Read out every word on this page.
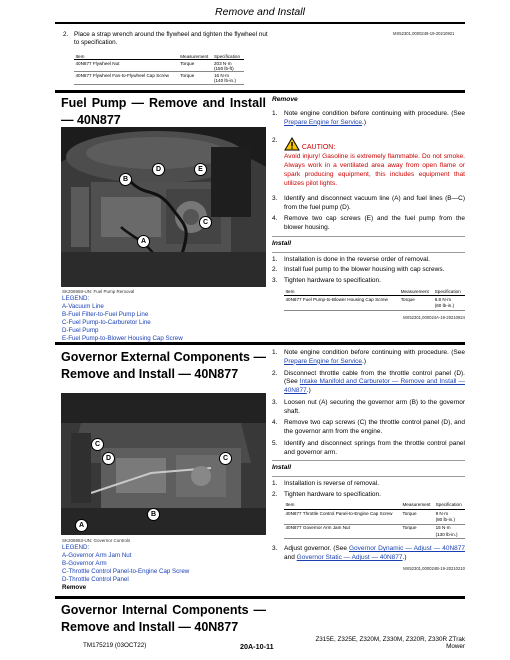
Remove and Install
2. Place a strap wrench around the flywheel and tighten the flywheel nut to specification.
MX52301,0000249-19-20210921
Item	Measurement	Specification
40N877 Flywheel Nut	Torque	203 N·m
(150 lb-ft)
40N877 Flywheel Fan-to-Flywheel Cap Screw	Torque	16 N·m
(140 lb-in.)
Fuel Pump — Remove and Install — 40N877
D	E
B
C
A
SK206958-UN: Fuel Pump Removal
LEGEND:
A-Vacuum Line
B-Fuel Filter-to-Fuel Pump Line
C-Fuel Pump-to-Carburetor Line
D-Fuel Pump
E-Fuel Pump-to-Blower Housing Cap Screw
Remove
1. Note engine condition before continuing with procedure. (See Prepare Engine for Service.)
2.
CAUTION:
Avoid injury! Gasoline is extremely flammable. Do not smoke. Always work in a ventilated area away from open flame or spark producing equipment, this includes equipment that utilizes pilot lights.
3. Identify and disconnect vacuum line (A) and fuel lines (B—C) from the fuel pump (D).
4. Remove two cap screws (E) and the fuel pump from the blower housing.
Install
1. Installation is done in the reverse order of removal.
2. Install fuel pump to the blower housing with cap screws.
3. Tighten hardware to specification.
Item	Measurement	Specification
40N877 Fuel Pump-to-Blower Housing Cap Screw	Torque	6.8 N·m
(60 lb-in.)
MX52301,000024A-19-20210924
Governor External Components — Remove and Install — 40N877
C
D	C
B
A
SK206953-UN: Governor Controls
LEGEND:
A-Governor Arm Jam Nut
B-Governor Arm
C-Throttle Control Panel-to-Engine Cap Screw
D-Throttle Control Panel
Remove
1. Note engine condition before continuing with procedure. (See Prepare Engine for Service.)
2. Disconnect throttle cable from the throttle control panel (D). (See Intake Manifold and Carburetor — Remove and Install — 40N877.)
3. Loosen nut (A) securing the governor arm (B) to the governor shaft.
4. Remove two cap screws (C) the throttle control panel (D), and the governor arm from the engine.
5. Identify and disconnect springs from the throttle control panel and governor arm.
Install
1. Installation is reverse of removal.
2. Tighten hardware to specification.
Item	Measurement	Specification
40N877 Throttle Control Panel-to-Engine Cap Screw	Torque	9 N·m
(80 lb-in.)
40N877 Governor Arm Jam Nut	Torque	15 N·m
(130 lb-in.)
3. Adjust governor. (See Governor Dynamic — Adjust — 40N877 and Governor Static — Adjust — 40N877.)
MX52301,000024B-19-20210210
Governor Internal Components — Remove and Install — 40N877
TM175219 (03OCT22)	20A-10-11
Z315E, Z325E, Z320M, Z330M, Z320R, Z330R ZTrak
Mower
